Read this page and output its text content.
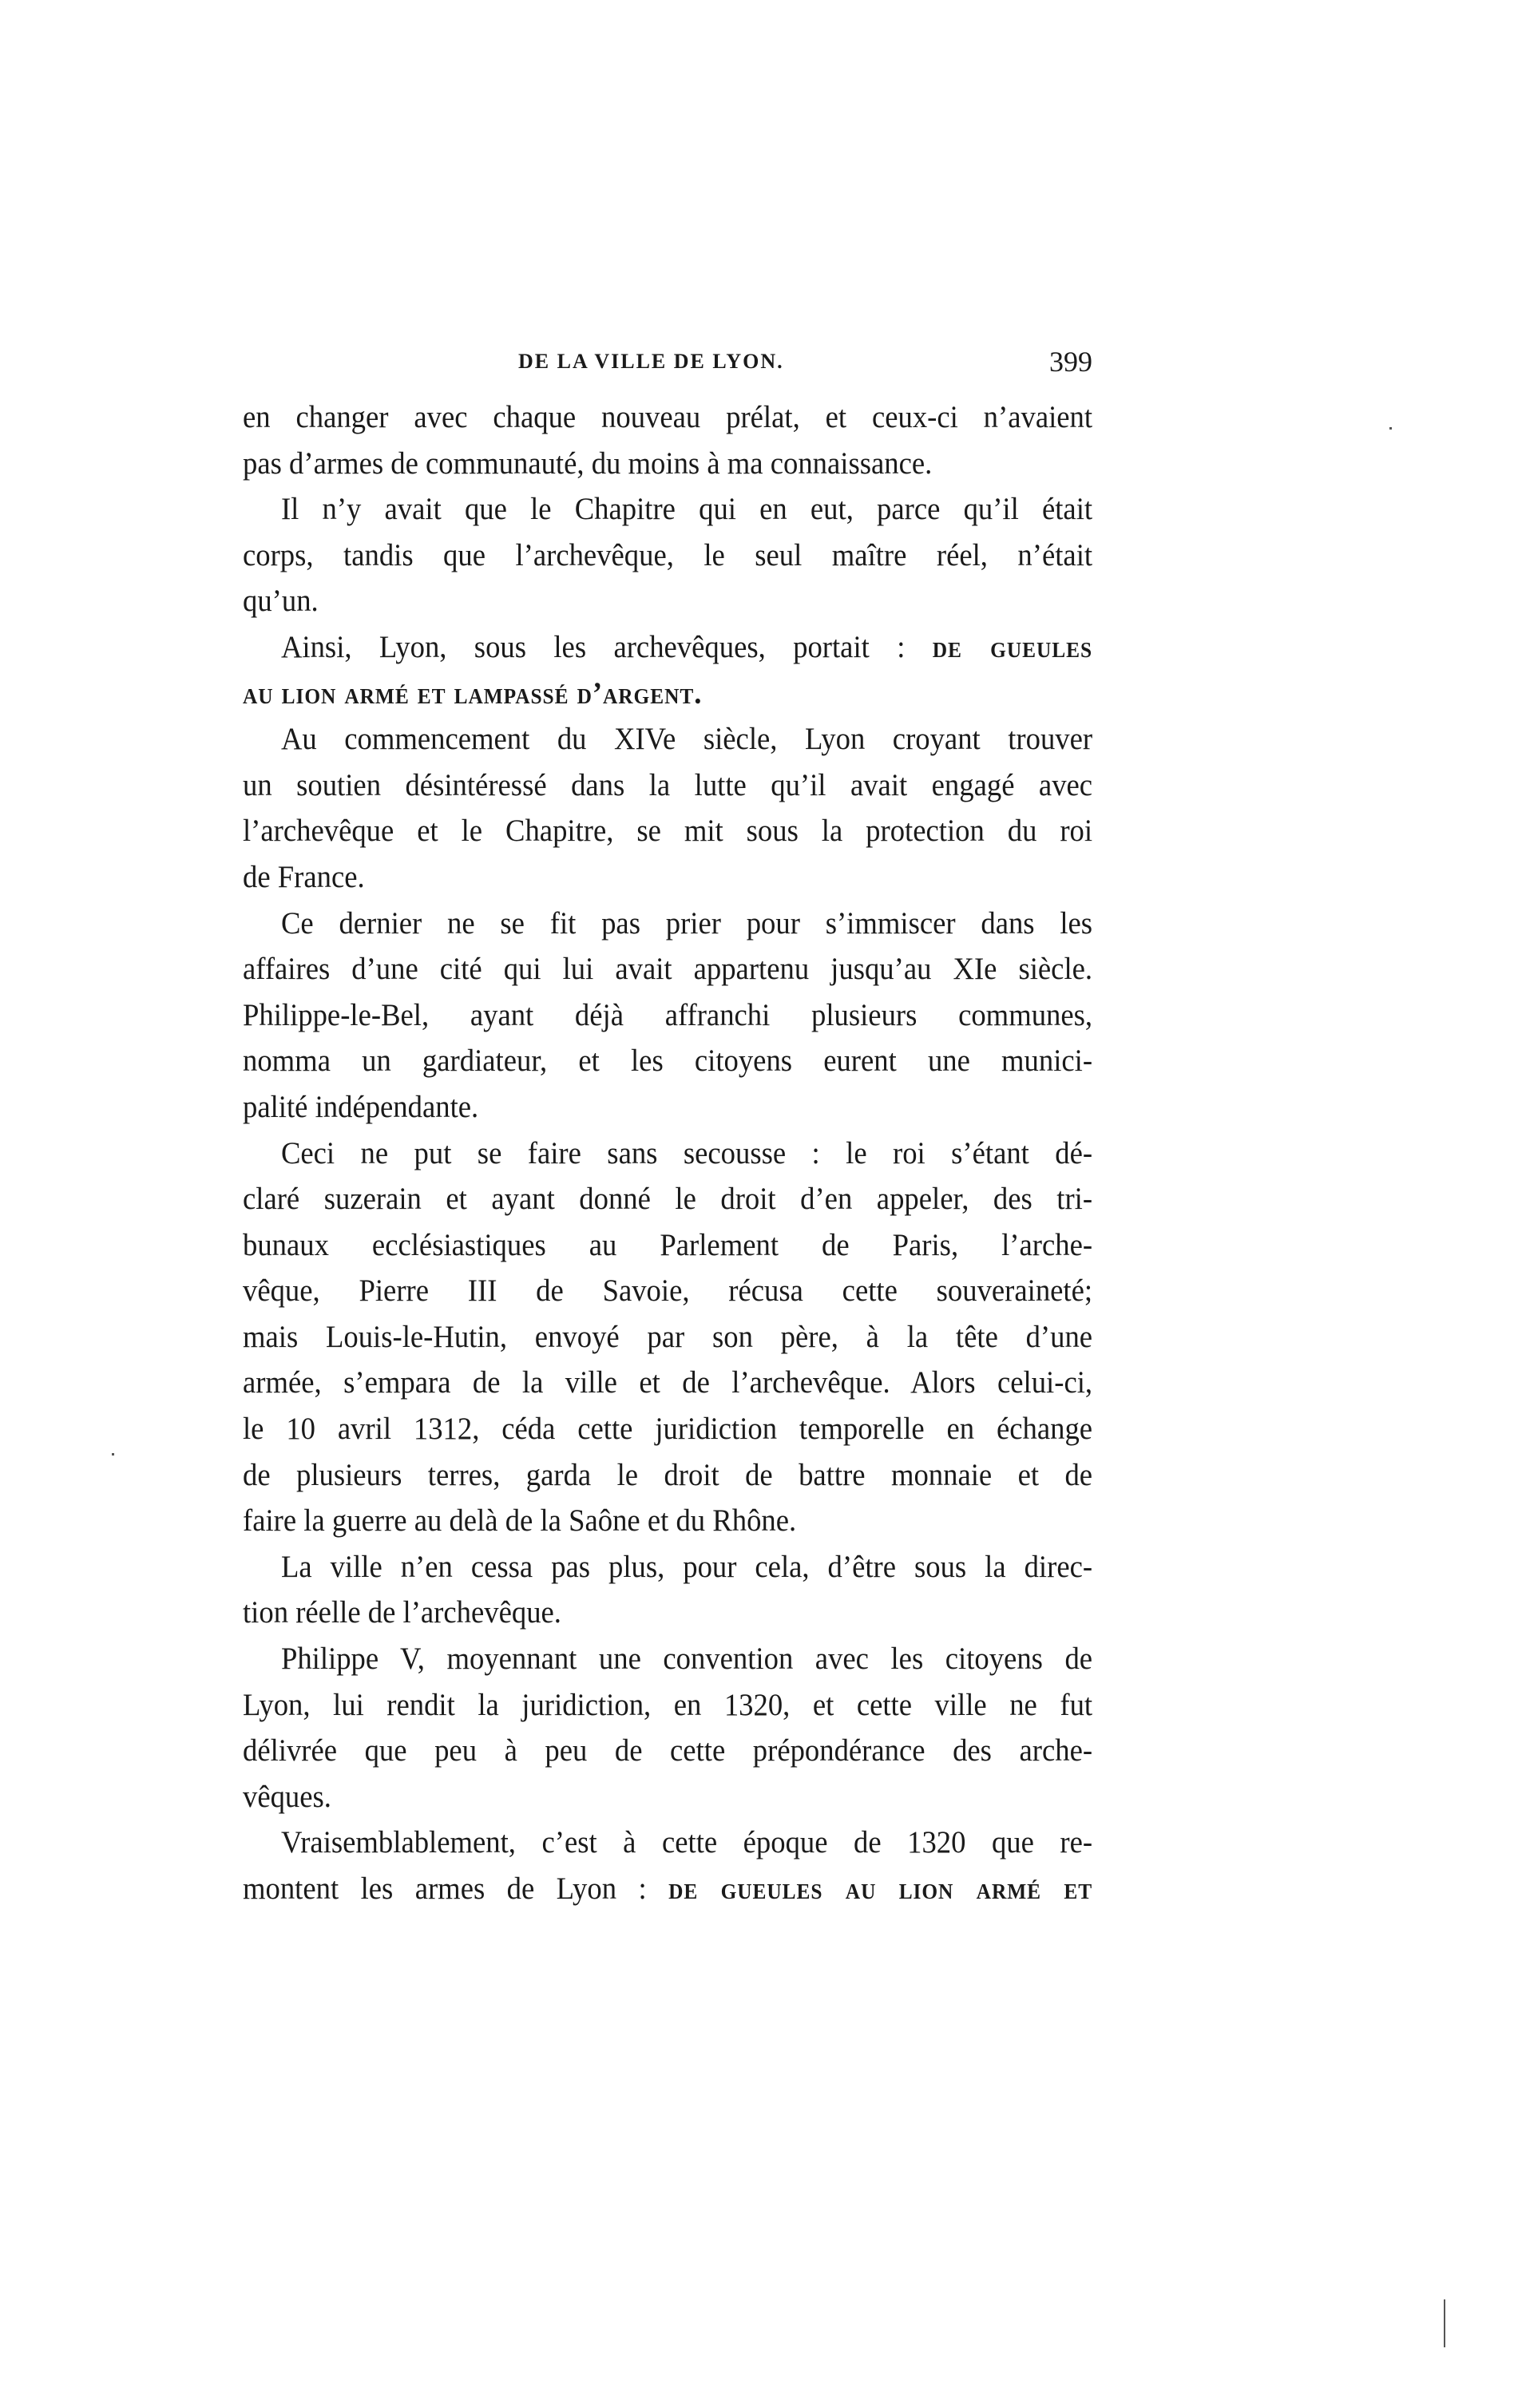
DE LA VILLE DE LYON.	399
en changer avec chaque nouveau prélat, et ceux-ci n’avaient
pas d’armes de communauté, du moins à ma connaissance.
Il n’y avait que le Chapitre qui en eut, parce qu’il était
corps, tandis que l’archevêque, le seul maître réel, n’était
qu’un.
Ainsi, Lyon, sous les archevêques, portait : de gueules
au lion armé et lampassé d’argent.
Au commencement du XIVe siècle, Lyon croyant trouver
un soutien désintéressé dans la lutte qu’il avait engagé avec
l’archevêque et le Chapitre, se mit sous la protection du roi
de France.
Ce dernier ne se fit pas prier pour s’immiscer dans les
affaires d’une cité qui lui avait appartenu jusqu’au XIe siècle.
Philippe-le-Bel, ayant déjà affranchi plusieurs communes,
nomma un gardiateur, et les citoyens eurent une munici-
palité indépendante.
Ceci ne put se faire sans secousse : le roi s’étant dé-
claré suzerain et ayant donné le droit d’en appeler, des tri-
bunaux ecclésiastiques au Parlement de Paris, l’arche-
vêque, Pierre III de Savoie, récusa cette souveraineté;
mais Louis-le-Hutin, envoyé par son père, à la tête d’une
armée, s’empara de la ville et de l’archevêque. Alors celui-ci,
le 10 avril 1312, céda cette juridiction temporelle en échange
de plusieurs terres, garda le droit de battre monnaie et de
faire la guerre au delà de la Saône et du Rhône.
La ville n’en cessa pas plus, pour cela, d’être sous la direc-
tion réelle de l’archevêque.
Philippe V, moyennant une convention avec les citoyens de
Lyon, lui rendit la juridiction, en 1320, et cette ville ne fut
délivrée que peu à peu de cette prépondérance des arche-
vêques.
Vraisemblablement, c’est à cette époque de 1320 que re-
montent les armes de Lyon : de gueules au lion armé et
